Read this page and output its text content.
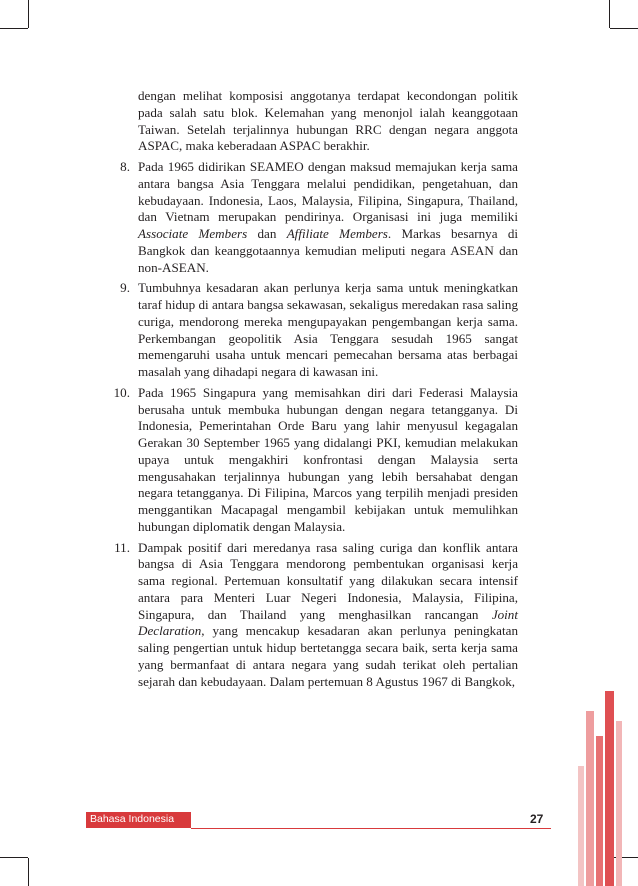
dengan melihat komposisi anggotanya terdapat kecondongan politik pada salah satu blok. Kelemahan yang menonjol ialah keanggotaan Taiwan. Setelah terjalinnya hubungan RRC dengan negara anggota ASPAC, maka keberadaan ASPAC berakhir.
8. Pada 1965 didirikan SEAMEO dengan maksud memajukan kerja sama antara bangsa Asia Tenggara melalui pendidikan, pengetahuan, dan kebudayaan. Indonesia, Laos, Malaysia, Filipina, Singapura, Thailand, dan Vietnam merupakan pendirinya. Organisasi ini juga memiliki Associate Members dan Affiliate Members. Markas besarnya di Bangkok dan keanggotaannya kemudian meliputi negara ASEAN dan non-ASEAN.
9. Tumbuhnya kesadaran akan perlunya kerja sama untuk meningkatkan taraf hidup di antara bangsa sekawasan, sekaligus meredakan rasa saling curiga, mendorong mereka mengupayakan pengembangan kerja sama. Perkembangan geopolitik Asia Tenggara sesudah 1965 sangat memengaruhi usaha untuk mencari pemecahan bersama atas berbagai masalah yang dihadapi negara di kawasan ini.
10. Pada 1965 Singapura yang memisahkan diri dari Federasi Malaysia berusaha untuk membuka hubungan dengan negara tetangganya. Di Indonesia, Pemerintahan Orde Baru yang lahir menyusul kegagalan Gerakan 30 September 1965 yang didalangi PKI, kemudian melakukan upaya untuk mengakhiri konfrontasi dengan Malaysia serta mengusahakan terjalinnya hubungan yang lebih bersahabat dengan negara tetangganya. Di Filipina, Marcos yang terpilih menjadi presiden menggantikan Macapagal mengambil kebijakan untuk memulihkan hubungan diplomatik dengan Malaysia.
11. Dampak positif dari meredanya rasa saling curiga dan konflik antara bangsa di Asia Tenggara mendorong pembentukan organisasi kerja sama regional. Pertemuan konsultatif yang dilakukan secara intensif antara para Menteri Luar Negeri Indonesia, Malaysia, Filipina, Singapura, dan Thailand yang menghasilkan rancangan Joint Declaration, yang mencakup kesadaran akan perlunya peningkatan saling pengertian untuk hidup bertetangga secara baik, serta kerja sama yang bermanfaat di antara negara yang sudah terikat oleh pertalian sejarah dan kebudayaan. Dalam pertemuan 8 Agustus 1967 di Bangkok,
Bahasa Indonesia	27
